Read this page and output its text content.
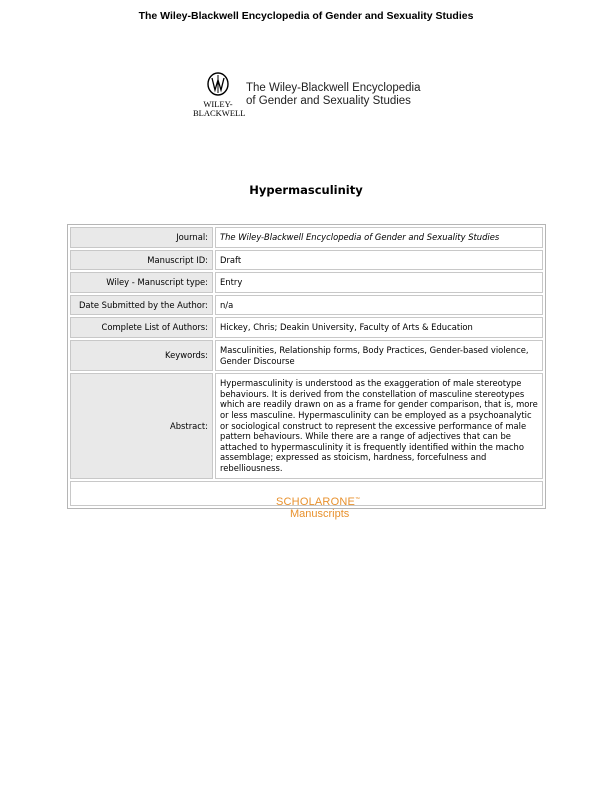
The Wiley-Blackwell Encyclopedia of Gender and Sexuality Studies
WILEY-
BLACKWELL
The Wiley-Blackwell Encyclopedia
of Gender and Sexuality Studies
Hypermasculinity
Journal:	The Wiley-Blackwell Encyclopedia of Gender and Sexuality Studies
Manuscript ID:	Draft
Wiley - Manuscript type:	Entry
Date Submitted by the Author:	n/a
Complete List of Authors:	Hickey, Chris; Deakin University, Faculty of Arts & Education
Keywords:	Masculinities, Relationship forms, Body Practices, Gender-based violence, Gender Discourse
Abstract:	Hypermasculinity is understood as the exaggeration of male stereotype behaviours. It is derived from the constellation of masculine stereotypes which are readily drawn on as a frame for gender comparison, that is, more or less masculine. Hypermasculinity can be employed as a psychoanalytic or sociological construct to represent the excessive performance of male pattern behaviours. While there are a range of adjectives that can be attached to hypermasculinity it is frequently identified within the macho assemblage; expressed as stoicism, hardness, forcefulness and rebelliousness.

SCHOLARONE™
Manuscripts
